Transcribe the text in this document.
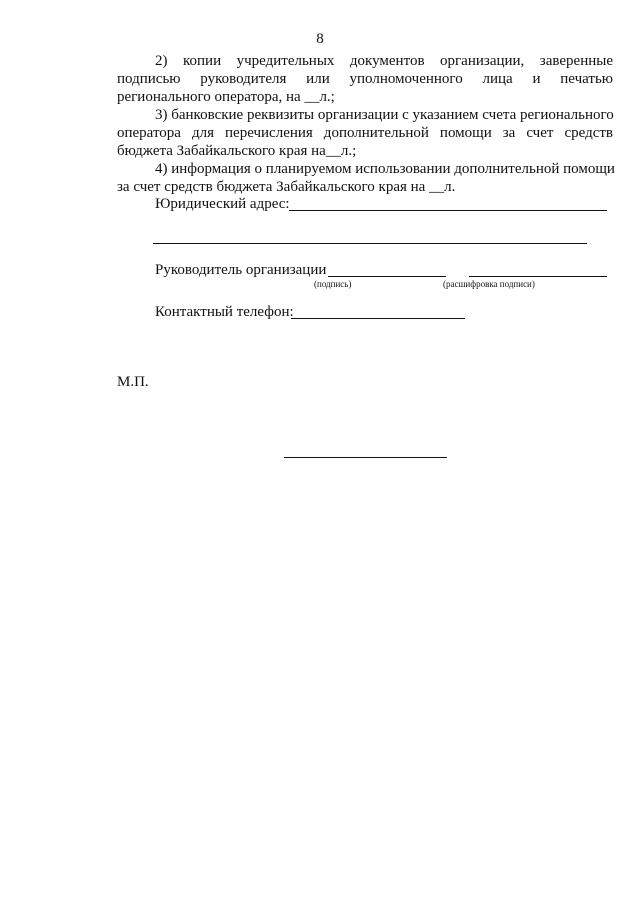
8
2) копии учредительных документов организации, заверенные
подписью руководителя или уполномоченного лица и печатью
регионального оператора, на __л.;
3) банковские реквизиты организации с указанием счета регионального
оператора для перечисления дополнительной помощи за счет средств
бюджета Забайкальского края на__л.;
4) информация о планируемом использовании дополнительной помощи
за счет средств бюджета Забайкальского края на __л.
Юридический адрес:
Руководитель организации
(подпись)	(расшифровка подписи)
Контактный телефон:
М.П.
